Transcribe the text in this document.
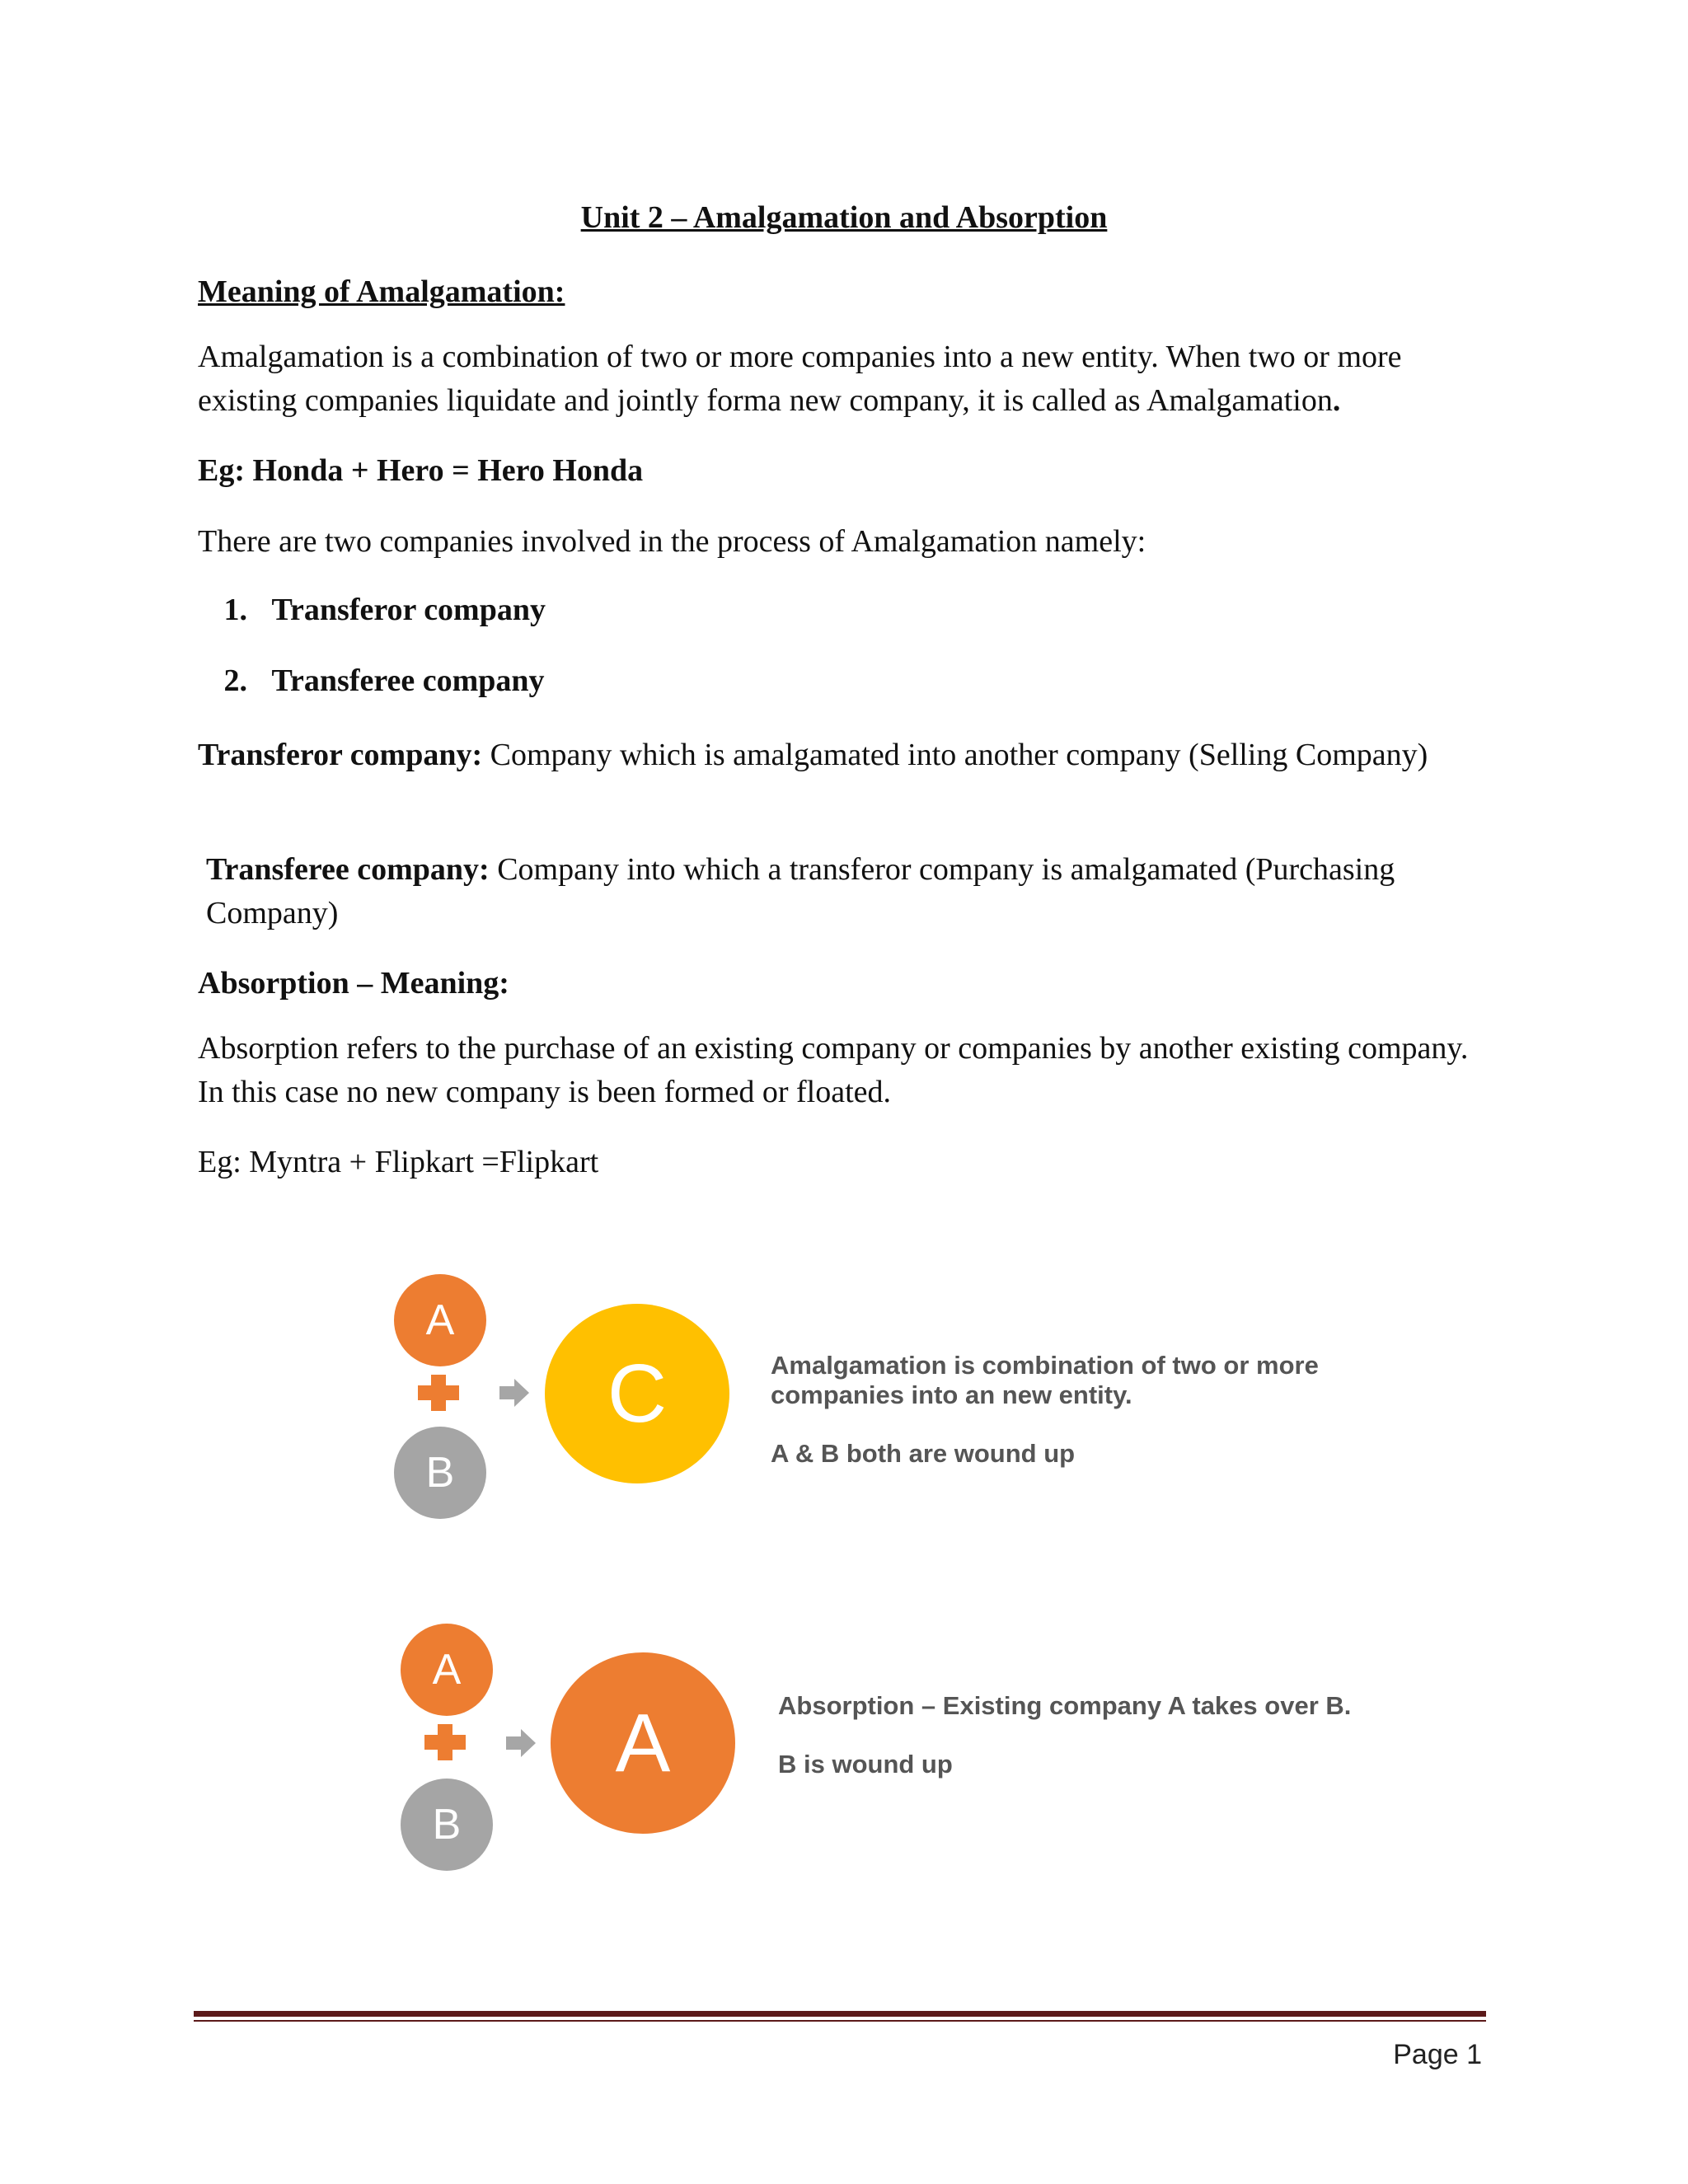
Unit 2 – Amalgamation and Absorption

Meaning of Amalgamation:

Amalgamation is a combination of two or more companies into a new entity. When two or more existing companies liquidate and jointly forma new company, it is called as Amalgamation.

Eg: Honda + Hero = Hero Honda

There are two companies involved in the process of Amalgamation namely:

1. Transferor company

2. Transferee company

Transferor company: Company which is amalgamated into another company (Selling Company)

Transferee company: Company into which a transferor company is amalgamated (Purchasing Company)

Absorption – Meaning:

Absorption refers to the purchase of an existing company or companies by another existing company. In this case no new company is been formed or floated.

Eg: Myntra + Flipkart =Flipkart

A
B
C	Amalgamation is combination of two or more
companies into an new entity.
A & B both are wound up
A
B
A	Absorption – Existing company A takes over B.
B is wound up
Page 1
